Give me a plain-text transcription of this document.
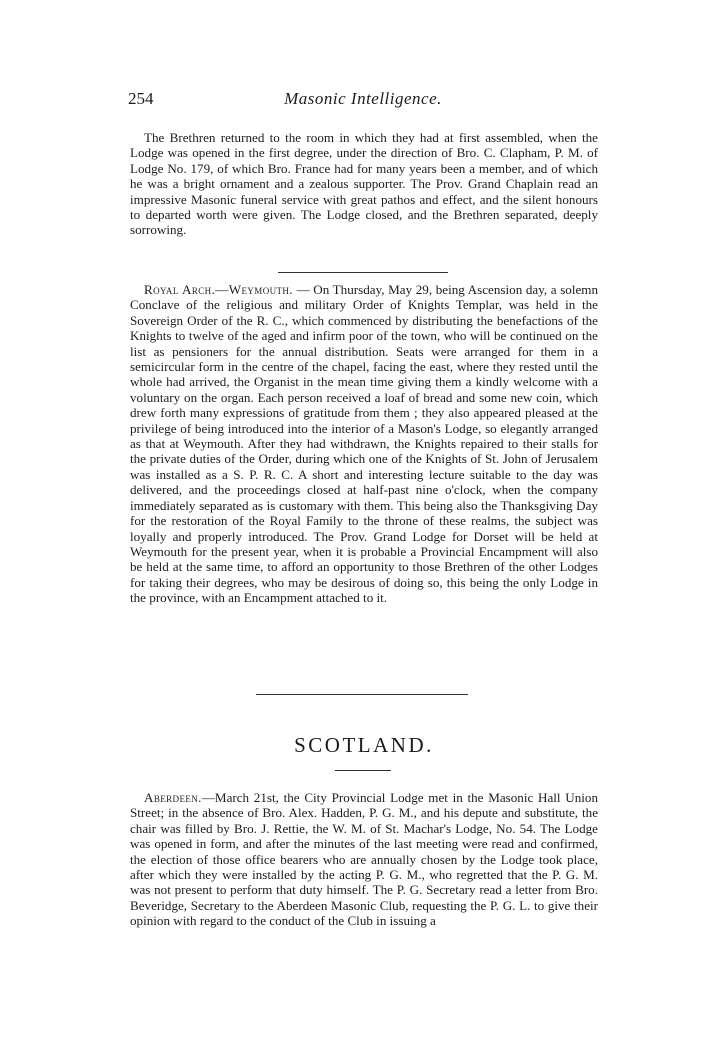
254	Masonic Intelligence.

The Brethren returned to the room in which they had at first assembled, when the Lodge was opened in the first degree, under the direction of Bro. C. Clapham, P. M. of Lodge No. 179, of which Bro. France had for many years been a member, and of which he was a bright ornament and a zealous supporter. The Prov. Grand Chaplain read an impressive Masonic funeral service with great pathos and effect, and the silent honours to departed worth were given. The Lodge closed, and the Brethren separated, deeply sorrowing.

Royal Arch.—Weymouth. — On Thursday, May 29, being Ascension day, a solemn Conclave of the religious and military Order of Knights Templar, was held in the Sovereign Order of the R. C., which commenced by distributing the benefactions of the Knights to twelve of the aged and infirm poor of the town, who will be continued on the list as pensioners for the annual distribution. Seats were arranged for them in a semicircular form in the centre of the chapel, facing the east, where they rested until the whole had arrived, the Organist in the mean time giving them a kindly welcome with a voluntary on the organ. Each person received a loaf of bread and some new coin, which drew forth many expressions of gratitude from them ; they also appeared pleased at the privilege of being introduced into the interior of a Mason's Lodge, so elegantly arranged as that at Weymouth. After they had withdrawn, the Knights repaired to their stalls for the private duties of the Order, during which one of the Knights of St. John of Jerusalem was installed as a S. P. R. C. A short and interesting lecture suitable to the day was delivered, and the proceedings closed at half-past nine o'clock, when the company immediately separated as is customary with them. This being also the Thanksgiving Day for the restoration of the Royal Family to the throne of these realms, the subject was loyally and properly introduced. The Prov. Grand Lodge for Dorset will be held at Weymouth for the present year, when it is probable a Provincial Encampment will also be held at the same time, to afford an opportunity to those Brethren of the other Lodges for taking their degrees, who may be desirous of doing so, this being the only Lodge in the province, with an Encampment attached to it.

SCOTLAND.

Aberdeen.—March 21st, the City Provincial Lodge met in the Masonic Hall Union Street; in the absence of Bro. Alex. Hadden, P. G. M., and his depute and substitute, the chair was filled by Bro. J. Rettie, the W. M. of St. Machar's Lodge, No. 54. The Lodge was opened in form, and after the minutes of the last meeting were read and confirmed, the election of those office bearers who are annually chosen by the Lodge took place, after which they were installed by the acting P. G. M., who regretted that the P. G. M. was not present to perform that duty himself. The P. G. Secretary read a letter from Bro. Beveridge, Secretary to the Aberdeen Masonic Club, requesting the P. G. L. to give their opinion with regard to the conduct of the Club in issuing a
